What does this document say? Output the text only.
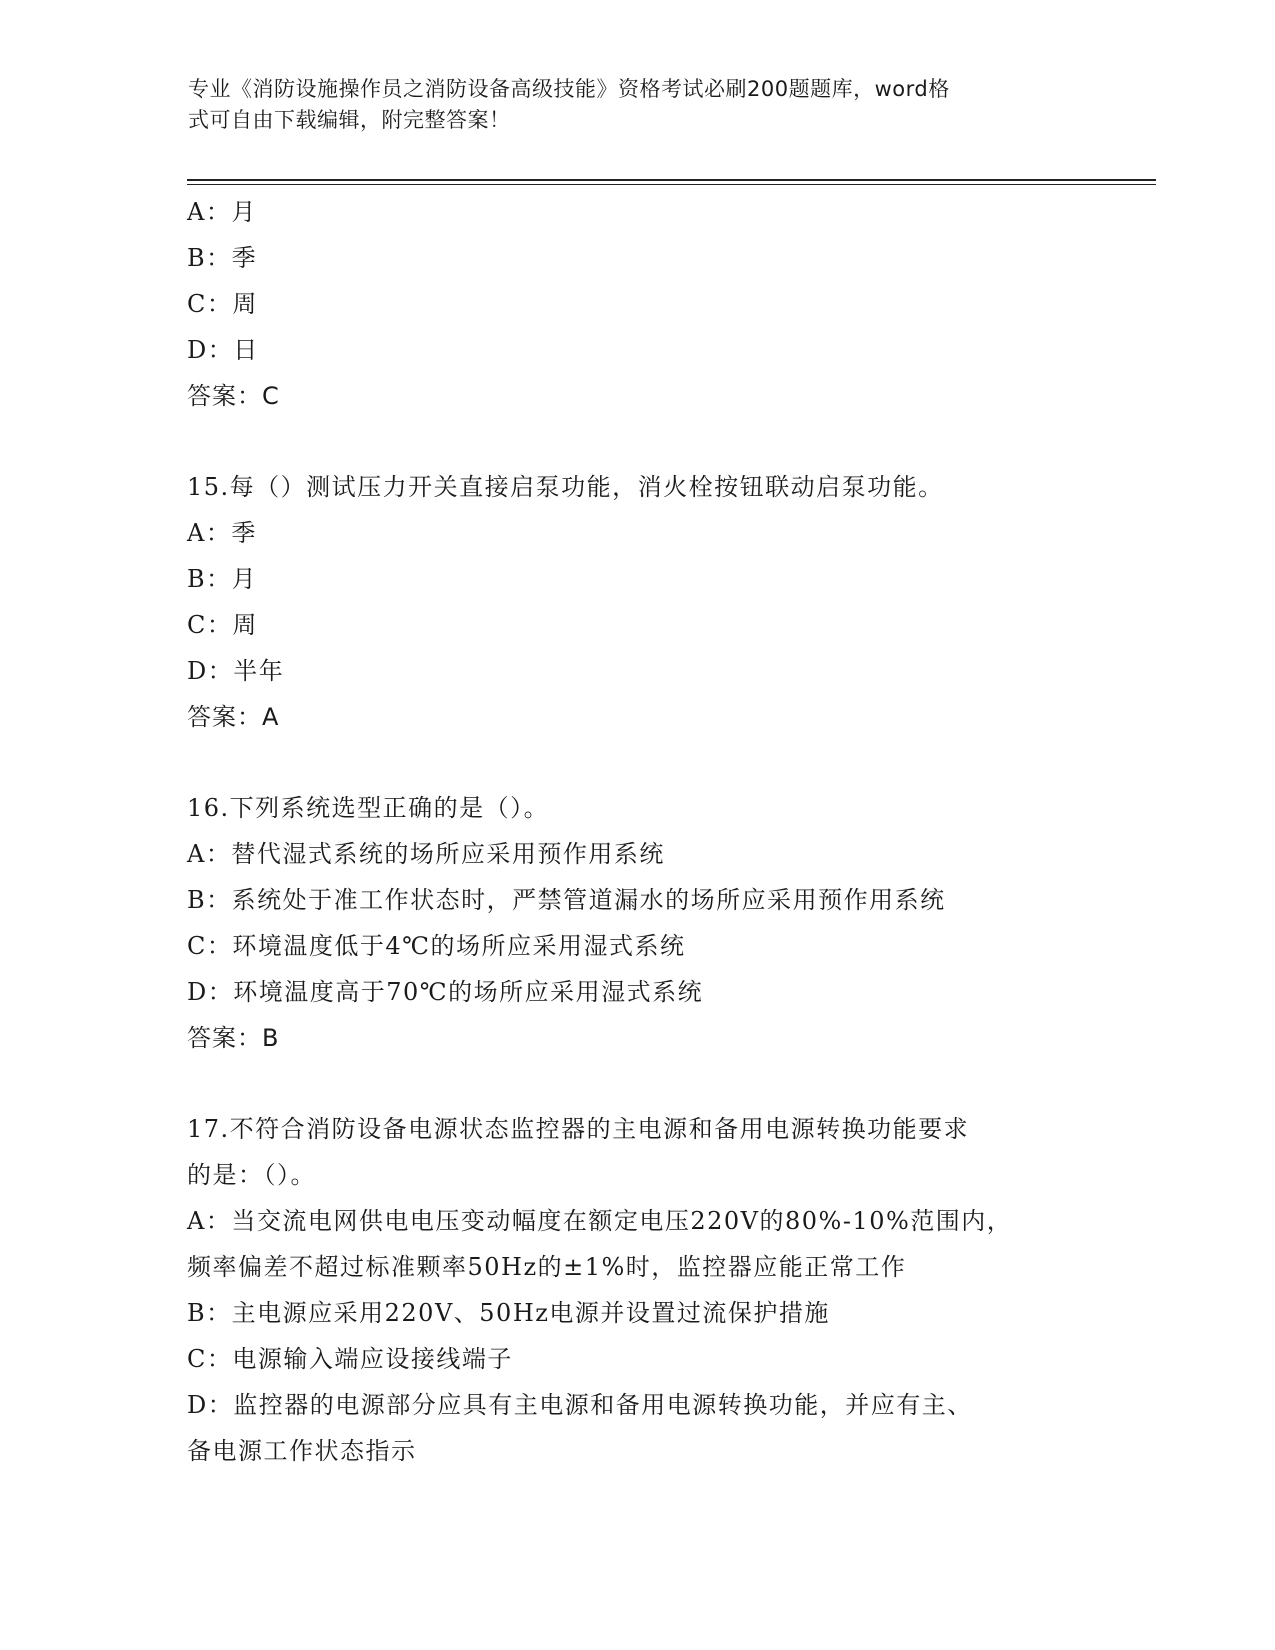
专业《消防设施操作员之消防设备高级技能》资格考试必刷200题题库，word格
式可自由下载编辑，附完整答案！
A：月
B：季
C：周
D：日
答案：C
15.每（）测试压力开关直接启泵功能，消火栓按钮联动启泵功能。
A：季
B：月
C：周
D：半年
答案：A
16.下列系统选型正确的是（）。
A：替代湿式系统的场所应采用预作用系统
B：系统处于准工作状态时，严禁管道漏水的场所应采用预作用系统
C：环境温度低于4℃的场所应采用湿式系统
D：环境温度高于70℃的场所应采用湿式系统
答案：B
17.不符合消防设备电源状态监控器的主电源和备用电源转换功能要求
的是：（）。
A：当交流电网供电电压变动幅度在额定电压220V的80%-10%范围内，
频率偏差不超过标准颗率50Hz的±1%时，监控器应能正常工作
B：主电源应采用220V、50Hz电源并设置过流保护措施
C：电源输入端应设接线端子
D：监控器的电源部分应具有主电源和备用电源转换功能，并应有主、
备电源工作状态指示
